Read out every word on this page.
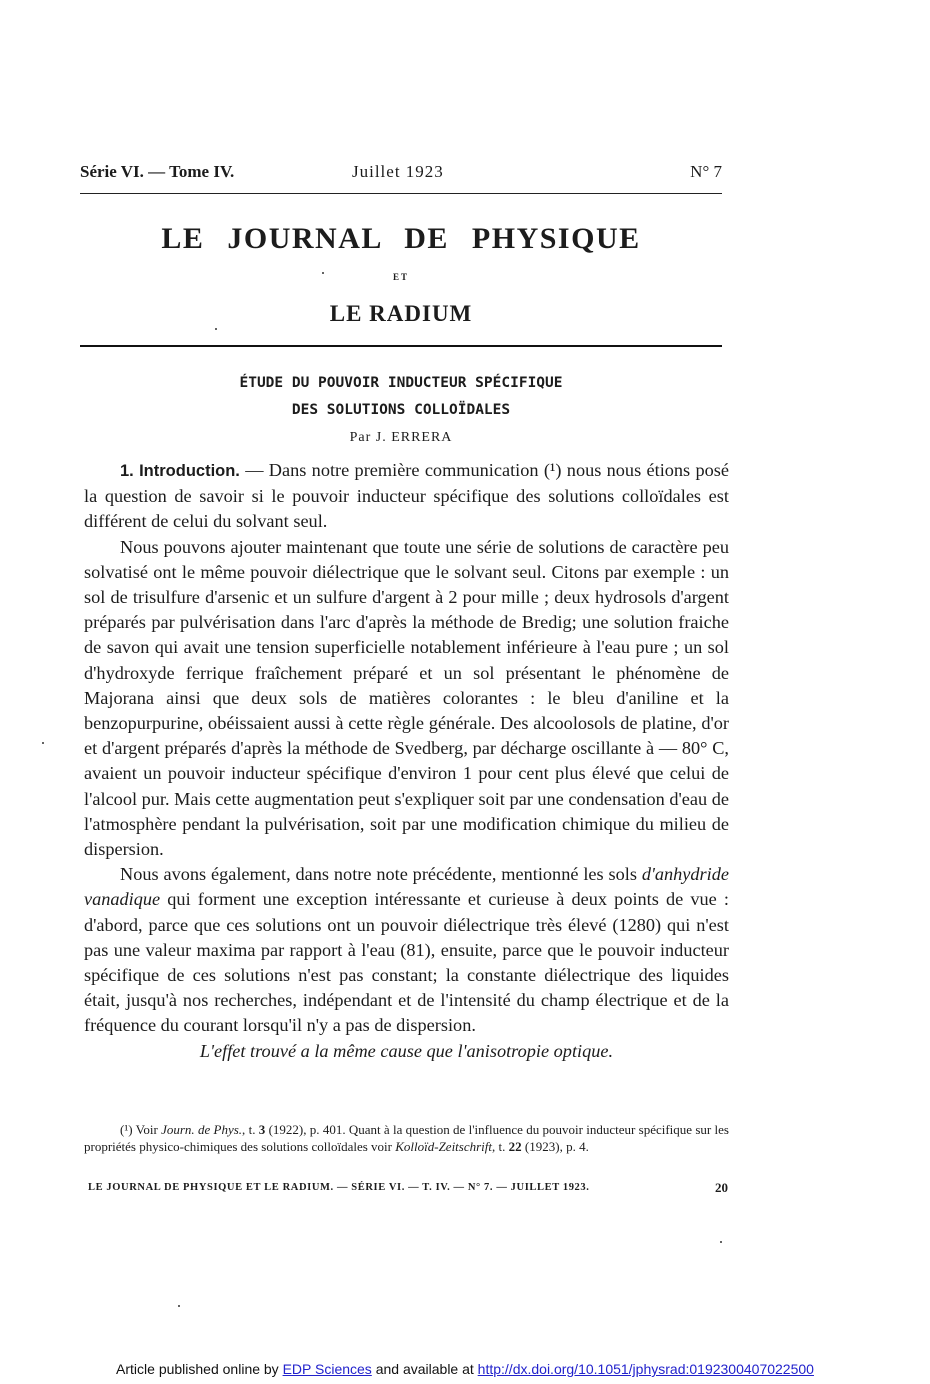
Série VI. — Tome IV.	Juillet 1923	N° 7
LE JOURNAL DE PHYSIQUE
ET
LE RADIUM
ÉTUDE DU POUVOIR INDUCTEUR SPÉCIFIQUE
DES SOLUTIONS COLLOÏDALES
Par J. ERRERA

1. Introduction. — Dans notre première communication (¹) nous nous étions posé la question de savoir si le pouvoir inducteur spécifique des solutions colloïdales est différent de celui du solvant seul.

Nous pouvons ajouter maintenant que toute une série de solutions de caractère peu solvatisé ont le même pouvoir diélectrique que le solvant seul. Citons par exemple : un sol de trisulfure d'arsenic et un sulfure d'argent à 2 pour mille ; deux hydrosols d'argent préparés par pulvérisation dans l'arc d'après la méthode de Bredig; une solution fraiche de savon qui avait une tension superficielle notablement inférieure à l'eau pure ; un sol d'hydroxyde ferrique fraîchement préparé et un sol présentant le phénomène de Majorana ainsi que deux sols de matières colorantes : le bleu d'aniline et la benzopurpurine, obéissaient aussi à cette règle générale. Des alcoolosols de platine, d'or et d'argent préparés d'après la méthode de Svedberg, par décharge oscillante à — 80° C, avaient un pouvoir inducteur spécifique d'environ 1 pour cent plus élevé que celui de l'alcool pur. Mais cette augmentation peut s'expliquer soit par une condensation d'eau de l'atmosphère pendant la pulvérisation, soit par une modification chimique du milieu de dispersion.

Nous avons également, dans notre note précédente, mentionné les sols d'anhydride vanadique qui forment une exception intéressante et curieuse à deux points de vue : d'abord, parce que ces solutions ont un pouvoir diélectrique très élevé (1280) qui n'est pas une valeur maxima par rapport à l'eau (81), ensuite, parce que le pouvoir inducteur spécifique de ces solutions n'est pas constant; la constante diélectrique des liquides était, jusqu'à nos recherches, indépendant et de l'intensité du champ électrique et de la fréquence du courant lorsqu'il n'y a pas de dispersion.

L'effet trouvé a la même cause que l'anisotropie optique.

(¹) Voir Journ. de Phys., t. 3 (1922), p. 401. Quant à la question de l'influence du pouvoir inducteur spécifique sur les propriétés physico-chimiques des solutions colloïdales voir Kolloïd-Zeitschrift, t. 22 (1923), p. 4.

LE JOURNAL DE PHYSIQUE ET LE RADIUM. — SÉRIE VI. — T. IV. — N° 7. — JUILLET 1923.	20
Article published online by EDP Sciences and available at http://dx.doi.org/10.1051/jphysrad:0192300407022500
